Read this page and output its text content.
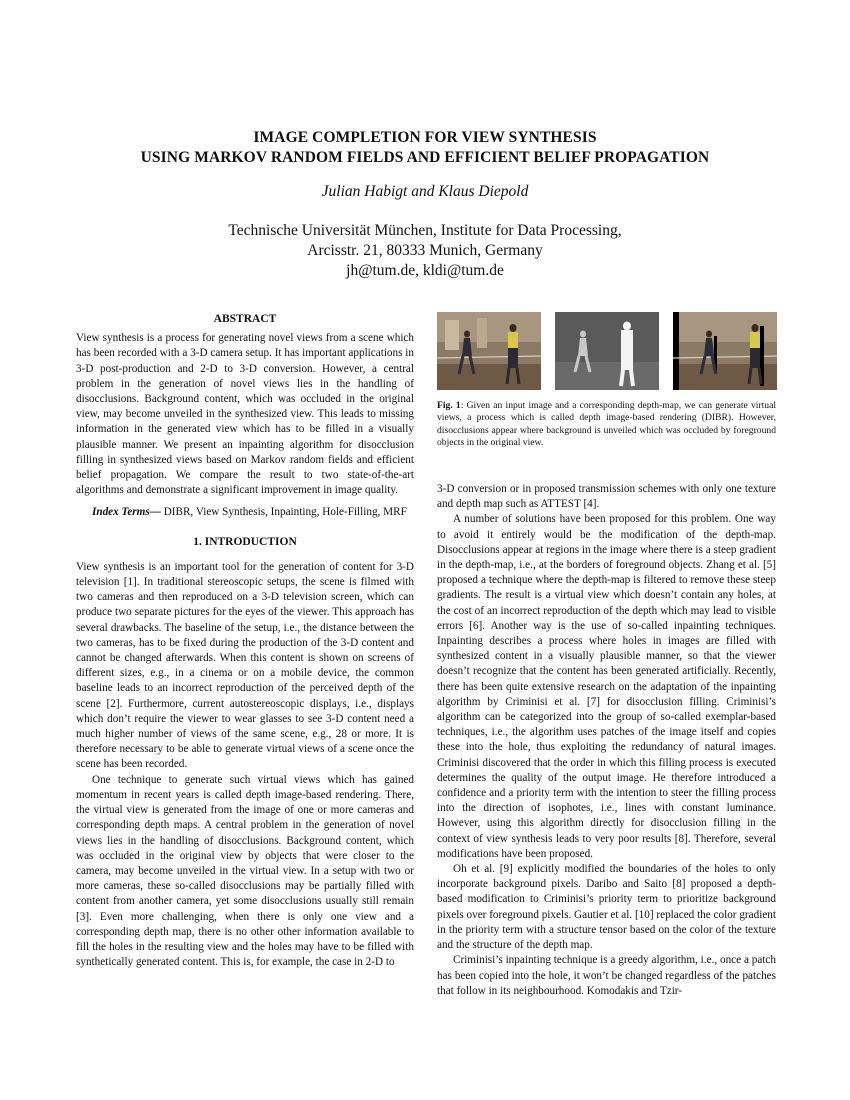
IMAGE COMPLETION FOR VIEW SYNTHESIS
USING MARKOV RANDOM FIELDS AND EFFICIENT BELIEF PROPAGATION
Julian Habigt and Klaus Diepold
Technische Universität München, Institute for Data Processing,
Arcisstr. 21, 80333 Munich, Germany
jh@tum.de, kldi@tum.de
ABSTRACT

View synthesis is a process for generating novel views from a scene which has been recorded with a 3-D camera setup. It has important applications in 3-D post-production and 2-D to 3-D conversion. However, a central problem in the generation of novel views lies in the handling of disocclusions. Background content, which was occluded in the original view, may become unveiled in the synthesized view. This leads to missing information in the generated view which has to be filled in a visually plausible manner. We present an inpainting algorithm for disocclusion filling in synthesized views based on Markov random fields and efficient belief propagation. We compare the result to two state-of-the-art algorithms and demonstrate a significant improvement in image quality.

Index Terms— DIBR, View Synthesis, Inpainting, Hole-Filling, MRF

1. INTRODUCTION

View synthesis is an important tool for the generation of content for 3-D television [1]. In traditional stereoscopic setups, the scene is filmed with two cameras and then reproduced on a 3-D television screen, which can produce two separate pictures for the eyes of the viewer. This approach has several drawbacks. The baseline of the setup, i.e., the distance between the two cameras, has to be fixed during the production of the 3-D content and cannot be changed afterwards. When this content is shown on screens of different sizes, e.g., in a cinema or on a mobile device, the common baseline leads to an incorrect reproduction of the perceived depth of the scene [2]. Furthermore, current autostereoscopic displays, i.e., displays which don’t require the viewer to wear glasses to see 3-D content need a much higher number of views of the same scene, e.g., 28 or more. It is therefore necessary to be able to generate virtual views of a scene once the scene has been recorded.

One technique to generate such virtual views which has gained momentum in recent years is called depth image-based rendering. There, the virtual view is generated from the image of one or more cameras and corresponding depth maps. A central problem in the generation of novel views lies in the handling of disocclusions. Background content, which was occluded in the original view by objects that were closer to the camera, may become unveiled in the virtual view. In a setup with two or more cameras, these so-called disocclusions may be partially filled with content from another camera, yet some disocclusions usually still remain [3]. Even more challenging, when there is only one view and a corresponding depth map, there is no other other information available to fill the holes in the resulting view and the holes may have to be filled with synthetically generated content. This is, for example, the case in 2-D to

Fig. 1: Given an input image and a corresponding depth-map, we can generate virtual views, a process which is called depth image-based rendering (DIBR). However, disocclusions appear where background is unveiled which was occluded by foreground objects in the original view.

3-D conversion or in proposed transmission schemes with only one texture and depth map such as ATTEST [4].

A number of solutions have been proposed for this problem. One way to avoid it entirely would be the modification of the depth-map. Disocclusions appear at regions in the image where there is a steep gradient in the depth-map, i.e., at the borders of foreground objects. Zhang et al. [5] proposed a technique where the depth-map is filtered to remove these steep gradients. The result is a virtual view which doesn’t contain any holes, at the cost of an incorrect reproduction of the depth which may lead to visible errors [6]. Another way is the use of so-called inpainting techniques. Inpainting describes a process where holes in images are filled with synthesized content in a visually plausible manner, so that the viewer doesn’t recognize that the content has been generated artificially. Recently, there has been quite extensive research on the adaptation of the inpainting algorithm by Criminisi et al. [7] for disocclusion filling. Criminisi’s algorithm can be categorized into the group of so-called exemplar-based techniques, i.e., the algorithm uses patches of the image itself and copies these into the hole, thus exploiting the redundancy of natural images. Criminisi discovered that the order in which this filling process is executed determines the quality of the output image. He therefore introduced a confidence and a priority term with the intention to steer the filling process into the direction of isophotes, i.e., lines with constant luminance. However, using this algorithm directly for disocclusion filling in the context of view synthesis leads to very poor results [8]. Therefore, several modifications have been proposed.

Oh et al. [9] explicitly modified the boundaries of the holes to only incorporate background pixels. Daribo and Saito [8] proposed a depth-based modification to Criminisi’s priority term to prioritize background pixels over foreground pixels. Gautier et al. [10] replaced the color gradient in the priority term with a structure tensor based on the color of the texture and the structure of the depth map.

Criminisi’s inpainting technique is a greedy algorithm, i.e., once a patch has been copied into the hole, it won’t be changed regardless of the patches that follow in its neighbourhood. Komodakis and Tzir-
